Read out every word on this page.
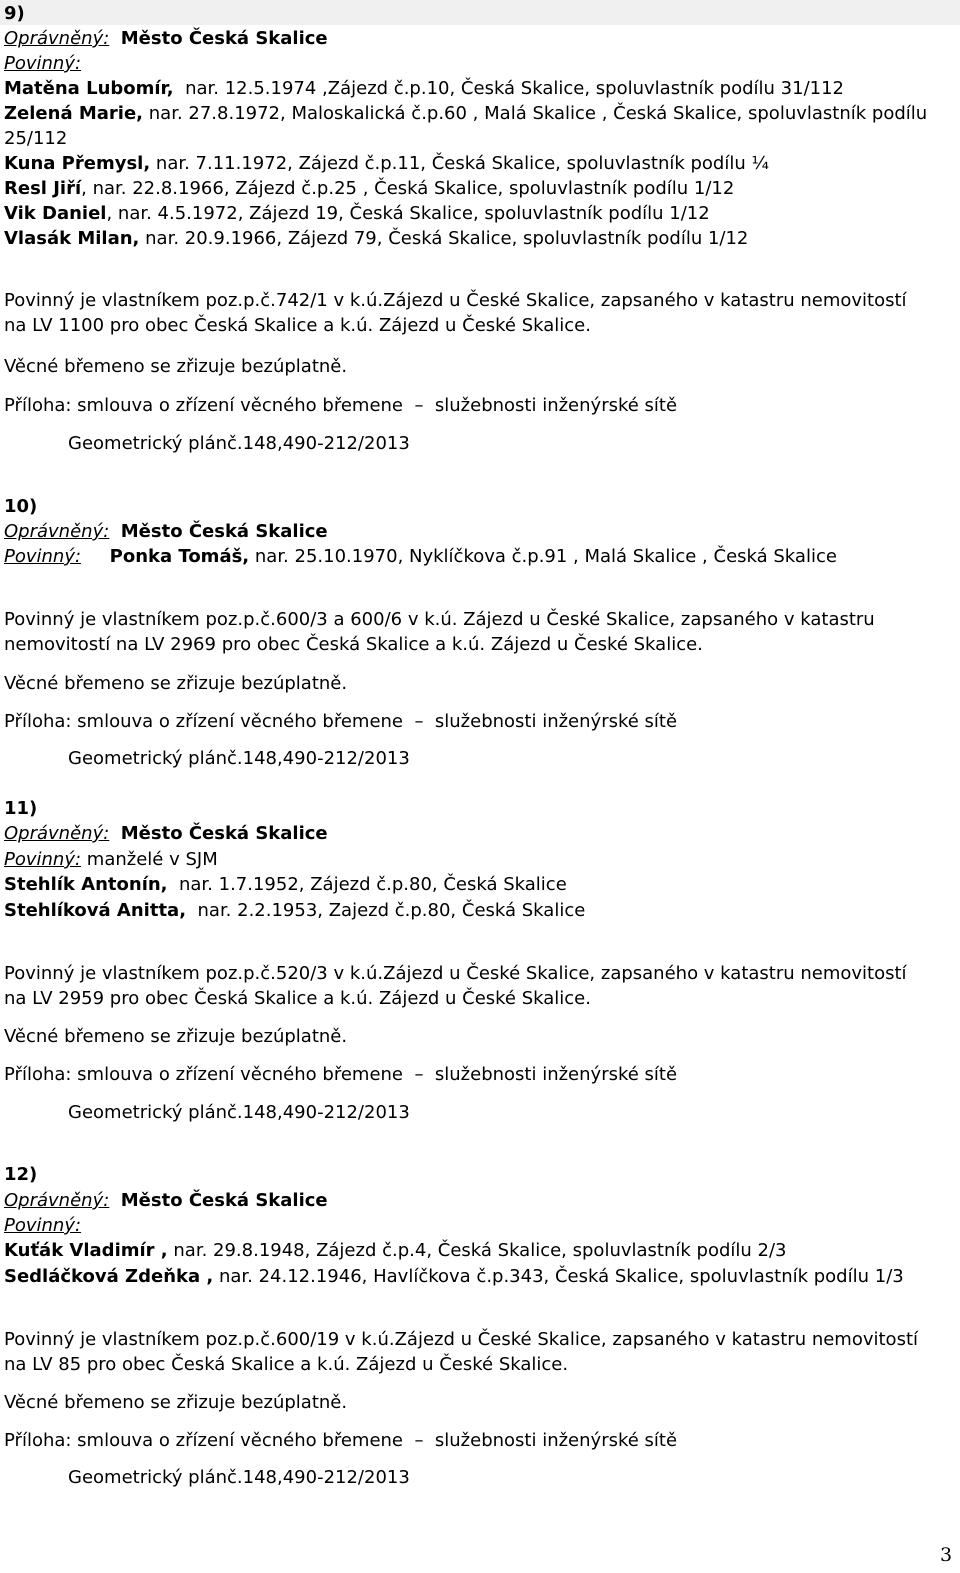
9)
Oprávněný: Město Česká Skalice
Povinný:
Matěna Lubomír, nar. 12.5.1974 ,Zájezd č.p.10, Česká Skalice, spoluvlastník podílu 31/112
Zelená Marie, nar. 27.8.1972, Maloskalická č.p.60 , Malá Skalice , Česká Skalice, spoluvlastník podílu
25/112
Kuna Přemysl, nar. 7.11.1972, Zájezd č.p.11, Česká Skalice, spoluvlastník podílu ¼
Resl Jiří, nar. 22.8.1966, Zájezd č.p.25 , Česká Skalice, spoluvlastník podílu 1/12
Vik Daniel, nar. 4.5.1972, Zájezd 19, Česká Skalice, spoluvlastník podílu 1/12
Vlasák Milan, nar. 20.9.1966, Zájezd 79, Česká Skalice, spoluvlastník podílu 1/12
Povinný je vlastníkem poz.p.č.742/1 v k.ú.Zájezd u České Skalice, zapsaného v katastru nemovitostí
na LV 1100 pro obec Česká Skalice a k.ú. Zájezd u České Skalice.
Věcné břemeno se zřizuje bezúplatně.
Příloha: smlouva o zřízení věcného břemene  –  služebnosti inženýrské sítě
Geometrický plánč.148,490-212/2013
10)
Oprávněný: Město Česká Skalice
Povinný: Ponka Tomáš, nar. 25.10.1970, Nyklíčkova č.p.91 , Malá Skalice , Česká Skalice
Povinný je vlastníkem poz.p.č.600/3 a 600/6 v k.ú. Zájezd u České Skalice, zapsaného v katastru
nemovitostí na LV 2969 pro obec Česká Skalice a k.ú. Zájezd u České Skalice.
Věcné břemeno se zřizuje bezúplatně.
Příloha: smlouva o zřízení věcného břemene  –  služebnosti inženýrské sítě
Geometrický plánč.148,490-212/2013
11)
Oprávněný: Město Česká Skalice
Povinný: manželé v SJM
Stehlík Antonín, nar. 1.7.1952, Zájezd č.p.80, Česká Skalice
Stehlíková Anitta, nar. 2.2.1953, Zajezd č.p.80, Česká Skalice
Povinný je vlastníkem poz.p.č.520/3 v k.ú.Zájezd u České Skalice, zapsaného v katastru nemovitostí
na LV 2959 pro obec Česká Skalice a k.ú. Zájezd u České Skalice.
Věcné břemeno se zřizuje bezúplatně.
Příloha: smlouva o zřízení věcného břemene  –  služebnosti inženýrské sítě
Geometrický plánč.148,490-212/2013
12)
Oprávněný: Město Česká Skalice
Povinný:
Kuťák Vladimír , nar. 29.8.1948, Zájezd č.p.4, Česká Skalice, spoluvlastník podílu 2/3
Sedláčková Zdeňka , nar. 24.12.1946, Havlíčkova č.p.343, Česká Skalice, spoluvlastník podílu 1/3
Povinný je vlastníkem poz.p.č.600/19 v k.ú.Zájezd u České Skalice, zapsaného v katastru nemovitostí
na LV 85 pro obec Česká Skalice a k.ú. Zájezd u České Skalice.
Věcné břemeno se zřizuje bezúplatně.
Příloha: smlouva o zřízení věcného břemene  –  služebnosti inženýrské sítě
Geometrický plánč.148,490-212/2013
3
